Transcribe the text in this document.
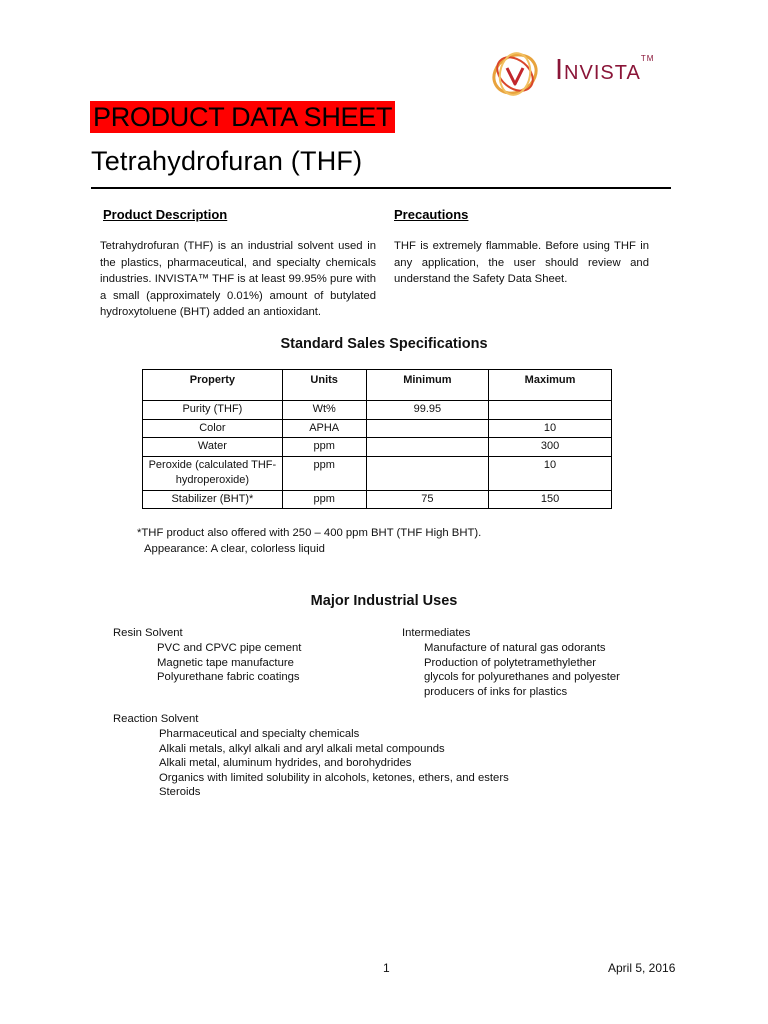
Invista™
PRODUCT DATA SHEET
Tetrahydrofuran (THF)
Product Description
Tetrahydrofuran (THF) is an industrial solvent used in the plastics, pharmaceutical, and specialty chemicals industries. INVISTA™ THF is at least 99.95% pure with a small (approximately 0.01%) amount of butylated hydroxytoluene (BHT) added an antioxidant.
Precautions
THF is extremely flammable. Before using THF in any application, the user should review and understand the Safety Data Sheet.
Standard Sales Specifications
Property	Units	Minimum	Maximum
Purity (THF)	Wt%	99.95	
Color	APHA		10
Water	ppm		300
Peroxide (calculated THF-hydroperoxide)	ppm		10
Stabilizer (BHT)*	ppm	75	150
*THF product also offered with 250 – 400 ppm BHT (THF High BHT).
Appearance: A clear, colorless liquid
Major Industrial Uses
Resin Solvent
PVC and CPVC pipe cement
Magnetic tape manufacture
Polyurethane fabric coatings
Intermediates
Manufacture of natural gas odorants
Production of polytetramethylether
glycols for polyurethanes and polyester
producers of inks for plastics
Reaction Solvent
Pharmaceutical and specialty chemicals
Alkali metals, alkyl alkali and aryl alkali metal compounds
Alkali metal, aluminum hydrides, and borohydrides
Organics with limited solubility in alcohols, ketones, ethers, and esters
Steroids
1	April 5, 2016
